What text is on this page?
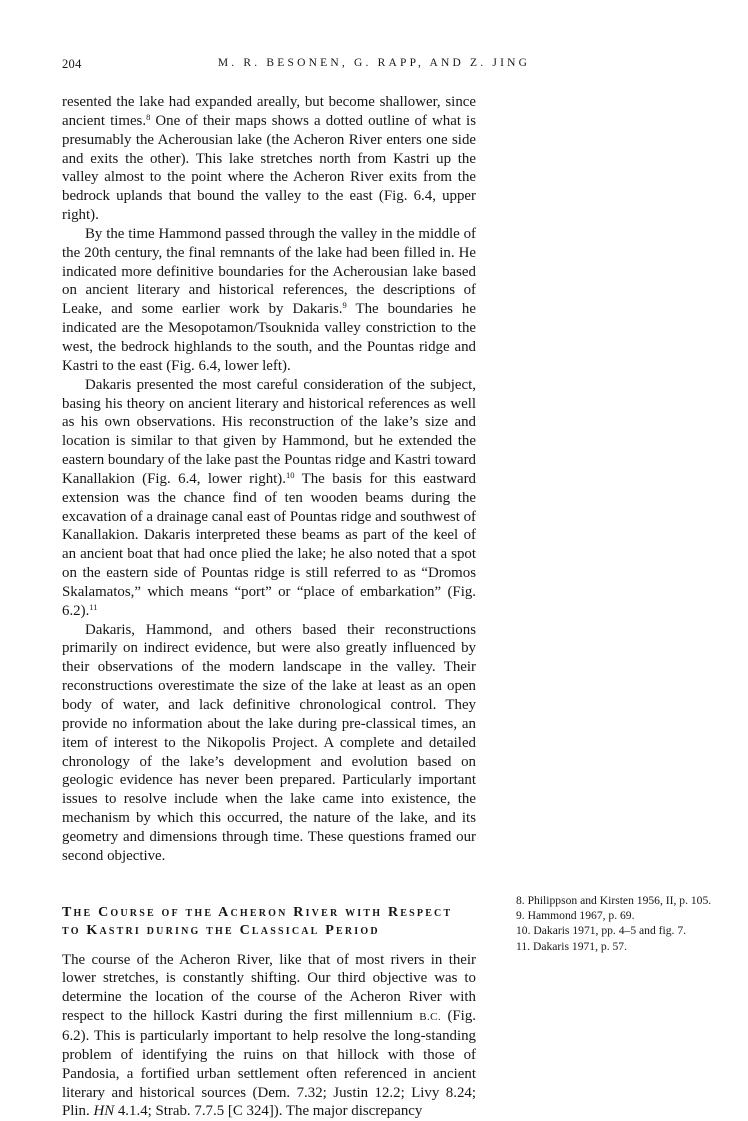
204	M. R. BESONEN, G. RAPP, AND Z. JING

resented the lake had expanded areally, but become shallower, since ancient times.$^8$ One of their maps shows a dotted outline of what is presumably the Acherousian lake (the Acheron River enters one side and exits the other). This lake stretches north from Kastri up the valley almost to the point where the Acheron River exits from the bedrock uplands that bound the valley to the east (Fig. 6.4, upper right).

By the time Hammond passed through the valley in the middle of the 20th century, the final remnants of the lake had been filled in. He indicated more definitive boundaries for the Acherousian lake based on ancient literary and historical references, the descriptions of Leake, and some earlier work by Dakaris.$^9$ The boundaries he indicated are the Mesopotamon/Tsouknida valley constriction to the west, the bedrock highlands to the south, and the Pountas ridge and Kastri to the east (Fig. 6.4, lower left).

Dakaris presented the most careful consideration of the subject, basing his theory on ancient literary and historical references as well as his own observations. His reconstruction of the lake’s size and location is similar to that given by Hammond, but he extended the eastern boundary of the lake past the Pountas ridge and Kastri toward Kanallakion (Fig. 6.4, lower right).$^{10}$ The basis for this eastward extension was the chance find of ten wooden beams during the excavation of a drainage canal east of Pountas ridge and southwest of Kanallakion. Dakaris interpreted these beams as part of the keel of an ancient boat that had once plied the lake; he also noted that a spot on the eastern side of Pountas ridge is still referred to as “Dromos Skalamatos,” which means “port” or “place of embarkation” (Fig. 6.2).$^{11}$

Dakaris, Hammond, and others based their reconstructions primarily on indirect evidence, but were also greatly influenced by their observations of the modern landscape in the valley. Their reconstructions overestimate the size of the lake at least as an open body of water, and lack definitive chronological control. They provide no information about the lake during pre-classical times, an item of interest to the Nikopolis Project. A complete and detailed chronology of the lake’s development and evolution based on geologic evidence has never been prepared. Particularly important issues to resolve include when the lake came into existence, the mechanism by which this occurred, the nature of the lake, and its geometry and dimensions through time. These questions framed our second objective.

The Course of the Acheron River with Respect to Kastri during the Classical Period

The course of the Acheron River, like that of most rivers in their lower stretches, is constantly shifting. Our third objective was to determine the location of the course of the Acheron River with respect to the hillock Kastri during the first millennium B.C. (Fig. 6.2). This is particularly important to help resolve the long-standing problem of identifying the ruins on that hillock with those of Pandosia, a fortified urban settlement often referenced in ancient literary and historical sources (Dem. 7.32; Justin 12.2; Livy 8.24; Plin. HN 4.1.4; Strab. 7.7.5 [C 324]). The major discrepancy

8. Philippson and Kirsten 1956, II, p. 105.
9. Hammond 1967, p. 69.
10. Dakaris 1971, pp. 4–5 and fig. 7.
11. Dakaris 1971, p. 57.
